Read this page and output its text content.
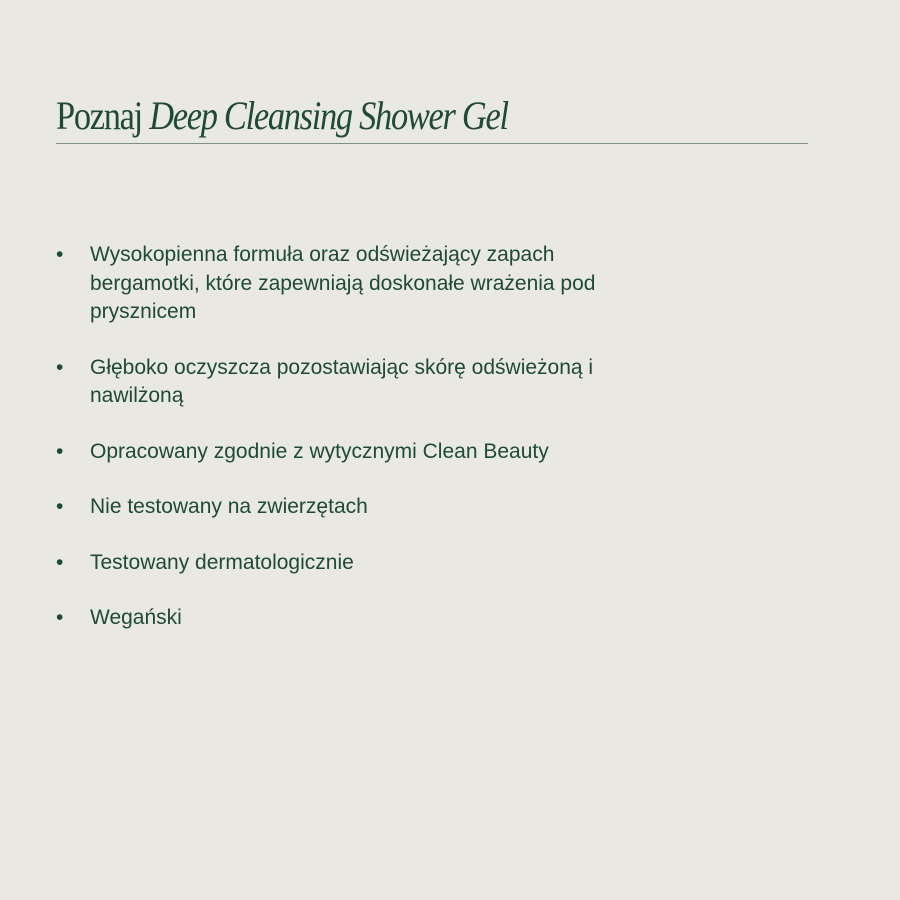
Poznaj Deep Cleansing Shower Gel
• Wysokopienna formuła oraz odświeżający zapach bergamotki, które zapewniają doskonałe wrażenia pod prysznicem
• Głęboko oczyszcza pozostawiając skórę odświeżoną i nawilżoną
• Opracowany zgodnie z wytycznymi Clean Beauty
• Nie testowany na zwierzętach
• Testowany dermatologicznie
• Wegański
